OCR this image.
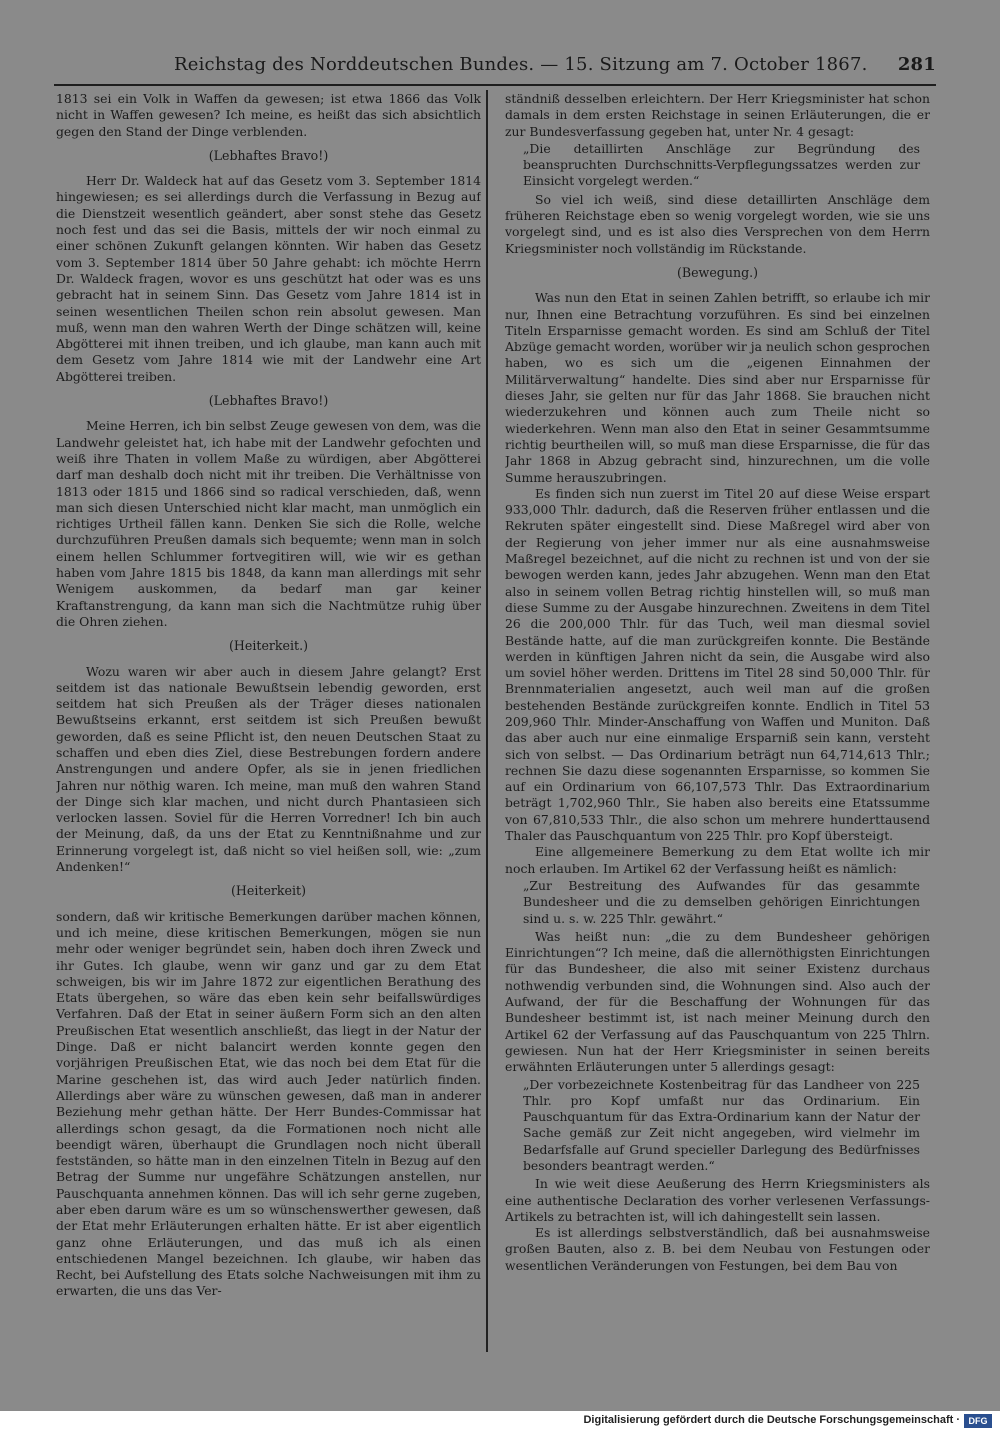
Reichstag des Norddeutschen Bundes. — 15. Sitzung am 7. October 1867. 281

1813 sei ein Volk in Waffen da gewesen; ist etwa 1866 das Volk nicht in Waffen gewesen? Ich meine, es heißt das sich absichtlich gegen den Stand der Dinge verblenden.

(Lebhaftes Bravo!)

Herr Dr. Waldeck hat auf das Gesetz vom 3. September 1814 hingewiesen; es sei allerdings durch die Verfassung in Bezug auf die Dienstzeit wesentlich geändert, aber sonst stehe das Gesetz noch fest und das sei die Basis, mittels der wir noch einmal zu einer schönen Zukunft gelangen könnten. Wir haben das Gesetz vom 3. September 1814 über 50 Jahre gehabt: ich möchte Herrn Dr. Waldeck fragen, wovor es uns geschützt hat oder was es uns gebracht hat in seinem Sinn. Das Gesetz vom Jahre 1814 ist in seinen wesentlichen Theilen schon rein absolut gewesen. Man muß, wenn man den wahren Werth der Dinge schätzen will, keine Abgötterei mit ihnen treiben, und ich glaube, man kann auch mit dem Gesetz vom Jahre 1814 wie mit der Landwehr eine Art Abgötterei treiben.

(Lebhaftes Bravo!)

Meine Herren, ich bin selbst Zeuge gewesen von dem, was die Landwehr geleistet hat, ich habe mit der Landwehr gefochten und weiß ihre Thaten in vollem Maße zu würdigen, aber Abgötterei darf man deshalb doch nicht mit ihr treiben. Die Verhältnisse von 1813 oder 1815 und 1866 sind so radical verschieden, daß, wenn man sich diesen Unterschied nicht klar macht, man unmöglich ein richtiges Urtheil fällen kann. Denken Sie sich die Rolle, welche durchzuführen Preußen damals sich bequemte; wenn man in solch einem hellen Schlummer fortvegitiren will, wie wir es gethan haben vom Jahre 1815 bis 1848, da kann man allerdings mit sehr Wenigem auskommen, da bedarf man gar keiner Kraftanstrengung, da kann man sich die Nachtmütze ruhig über die Ohren ziehen.

(Heiterkeit.)

Wozu waren wir aber auch in diesem Jahre gelangt? Erst seitdem ist das nationale Bewußtsein lebendig geworden, erst seitdem hat sich Preußen als der Träger dieses nationalen Bewußtseins erkannt, erst seitdem ist sich Preußen bewußt geworden, daß es seine Pflicht ist, den neuen Deutschen Staat zu schaffen und eben dies Ziel, diese Bestrebungen fordern andere Anstrengungen und andere Opfer, als sie in jenen friedlichen Jahren nur nöthig waren. Ich meine, man muß den wahren Stand der Dinge sich klar machen, und nicht durch Phantasieen sich verlocken lassen. Soviel für die Herren Vorredner! Ich bin auch der Meinung, daß, da uns der Etat zu Kenntnißnahme und zur Erinnerung vorgelegt ist, daß nicht so viel heißen soll, wie: „zum Andenken!“

(Heiterkeit)

sondern, daß wir kritische Bemerkungen darüber machen können, und ich meine, diese kritischen Bemerkungen, mögen sie nun mehr oder weniger begründet sein, haben doch ihren Zweck und ihr Gutes. Ich glaube, wenn wir ganz und gar zu dem Etat schweigen, bis wir im Jahre 1872 zur eigentlichen Berathung des Etats übergehen, so wäre das eben kein sehr beifallswürdiges Verfahren. Daß der Etat in seiner äußern Form sich an den alten Preußischen Etat wesentlich anschließt, das liegt in der Natur der Dinge. Daß er nicht balancirt werden konnte gegen den vorjährigen Preußischen Etat, wie das noch bei dem Etat für die Marine geschehen ist, das wird auch Jeder natürlich finden. Allerdings aber wäre zu wünschen gewesen, daß man in anderer Beziehung mehr gethan hätte. Der Herr Bundes-Commissar hat allerdings schon gesagt, da die Formationen noch nicht alle beendigt wären, überhaupt die Grundlagen noch nicht überall festständen, so hätte man in den einzelnen Titeln in Bezug auf den Betrag der Summe nur ungefähre Schätzungen anstellen, nur Pauschquanta annehmen können. Das will ich sehr gerne zugeben, aber eben darum wäre es um so wünschenswerther gewesen, daß der Etat mehr Erläuterungen erhalten hätte. Er ist aber eigentlich ganz ohne Erläuterungen, und das muß ich als einen entschiedenen Mangel bezeichnen. Ich glaube, wir haben das Recht, bei Aufstellung des Etats solche Nachweisungen mit ihm zu erwarten, die uns das Ver-

ständniß desselben erleichtern. Der Herr Kriegsminister hat schon damals in dem ersten Reichstage in seinen Erläuterungen, die er zur Bundesverfassung gegeben hat, unter Nr. 4 gesagt:

„Die detaillirten Anschläge zur Begründung des beanspruchten Durchschnitts-Verpflegungssatzes werden zur Einsicht vorgelegt werden.“

So viel ich weiß, sind diese detaillirten Anschläge dem früheren Reichstage eben so wenig vorgelegt worden, wie sie uns vorgelegt sind, und es ist also dies Versprechen von dem Herrn Kriegsminister noch vollständig im Rückstande.

(Bewegung.)

Was nun den Etat in seinen Zahlen betrifft, so erlaube ich mir nur, Ihnen eine Betrachtung vorzuführen. Es sind bei einzelnen Titeln Ersparnisse gemacht worden. Es sind am Schluß der Titel Abzüge gemacht worden, worüber wir ja neulich schon gesprochen haben, wo es sich um die „eigenen Einnahmen der Militärverwaltung“ handelte. Dies sind aber nur Ersparnisse für dieses Jahr, sie gelten nur für das Jahr 1868. Sie brauchen nicht wiederzukehren und können auch zum Theile nicht so wiederkehren. Wenn man also den Etat in seiner Gesammtsumme richtig beurtheilen will, so muß man diese Ersparnisse, die für das Jahr 1868 in Abzug gebracht sind, hinzurechnen, um die volle Summe herauszubringen.

Es finden sich nun zuerst im Titel 20 auf diese Weise erspart 933,000 Thlr. dadurch, daß die Reserven früher entlassen und die Rekruten später eingestellt sind. Diese Maßregel wird aber von der Regierung von jeher immer nur als eine ausnahmsweise Maßregel bezeichnet, auf die nicht zu rechnen ist und von der sie bewogen werden kann, jedes Jahr abzugehen. Wenn man den Etat also in seinem vollen Betrag richtig hinstellen will, so muß man diese Summe zu der Ausgabe hinzurechnen. Zweitens in dem Titel 26 die 200,000 Thlr. für das Tuch, weil man diesmal soviel Bestände hatte, auf die man zurückgreifen konnte. Die Bestände werden in künftigen Jahren nicht da sein, die Ausgabe wird also um soviel höher werden. Drittens im Titel 28 sind 50,000 Thlr. für Brennmaterialien angesetzt, auch weil man auf die großen bestehenden Bestände zurückgreifen konnte. Endlich in Titel 53 209,960 Thlr. Minder-Anschaffung von Waffen und Muniton. Daß das aber auch nur eine einmalige Ersparniß sein kann, versteht sich von selbst. — Das Ordinarium beträgt nun 64,714,613 Thlr.; rechnen Sie dazu diese sogenannten Ersparnisse, so kommen Sie auf ein Ordinarium von 66,107,573 Thlr. Das Extraordinarium beträgt 1,702,960 Thlr., Sie haben also bereits eine Etatssumme von 67,810,533 Thlr., die also schon um mehrere hunderttausend Thaler das Pauschquantum von 225 Thlr. pro Kopf übersteigt.

Eine allgemeinere Bemerkung zu dem Etat wollte ich mir noch erlauben. Im Artikel 62 der Verfassung heißt es nämlich:

„Zur Bestreitung des Aufwandes für das gesammte Bundesheer und die zu demselben gehörigen Einrichtungen sind u. s. w. 225 Thlr. gewährt.“

Was heißt nun: „die zu dem Bundesheer gehörigen Einrichtungen“? Ich meine, daß die allernöthigsten Einrichtungen für das Bundesheer, die also mit seiner Existenz durchaus nothwendig verbunden sind, die Wohnungen sind. Also auch der Aufwand, der für die Beschaffung der Wohnungen für das Bundesheer bestimmt ist, ist nach meiner Meinung durch den Artikel 62 der Verfassung auf das Pauschquantum von 225 Thlrn. gewiesen. Nun hat der Herr Kriegsminister in seinen bereits erwähnten Erläuterungen unter 5 allerdings gesagt:

„Der vorbezeichnete Kostenbeitrag für das Landheer von 225 Thlr. pro Kopf umfaßt nur das Ordinarium. Ein Pauschquantum für das Extra-Ordinarium kann der Natur der Sache gemäß zur Zeit nicht angegeben, wird vielmehr im Bedarfsfalle auf Grund specieller Darlegung des Bedürfnisses besonders beantragt werden.“

In wie weit diese Aeußerung des Herrn Kriegsministers als eine authentische Declaration des vorher verlesenen Verfassungs-Artikels zu betrachten ist, will ich dahingestellt sein lassen.

Es ist allerdings selbstverständlich, daß bei ausnahmsweise großen Bauten, also z. B. bei dem Neubau von Festungen oder wesentlichen Veränderungen von Festungen, bei dem Bau von

Digitalisierung gefördert durch die Deutsche Forschungsgemeinschaft · DFG
